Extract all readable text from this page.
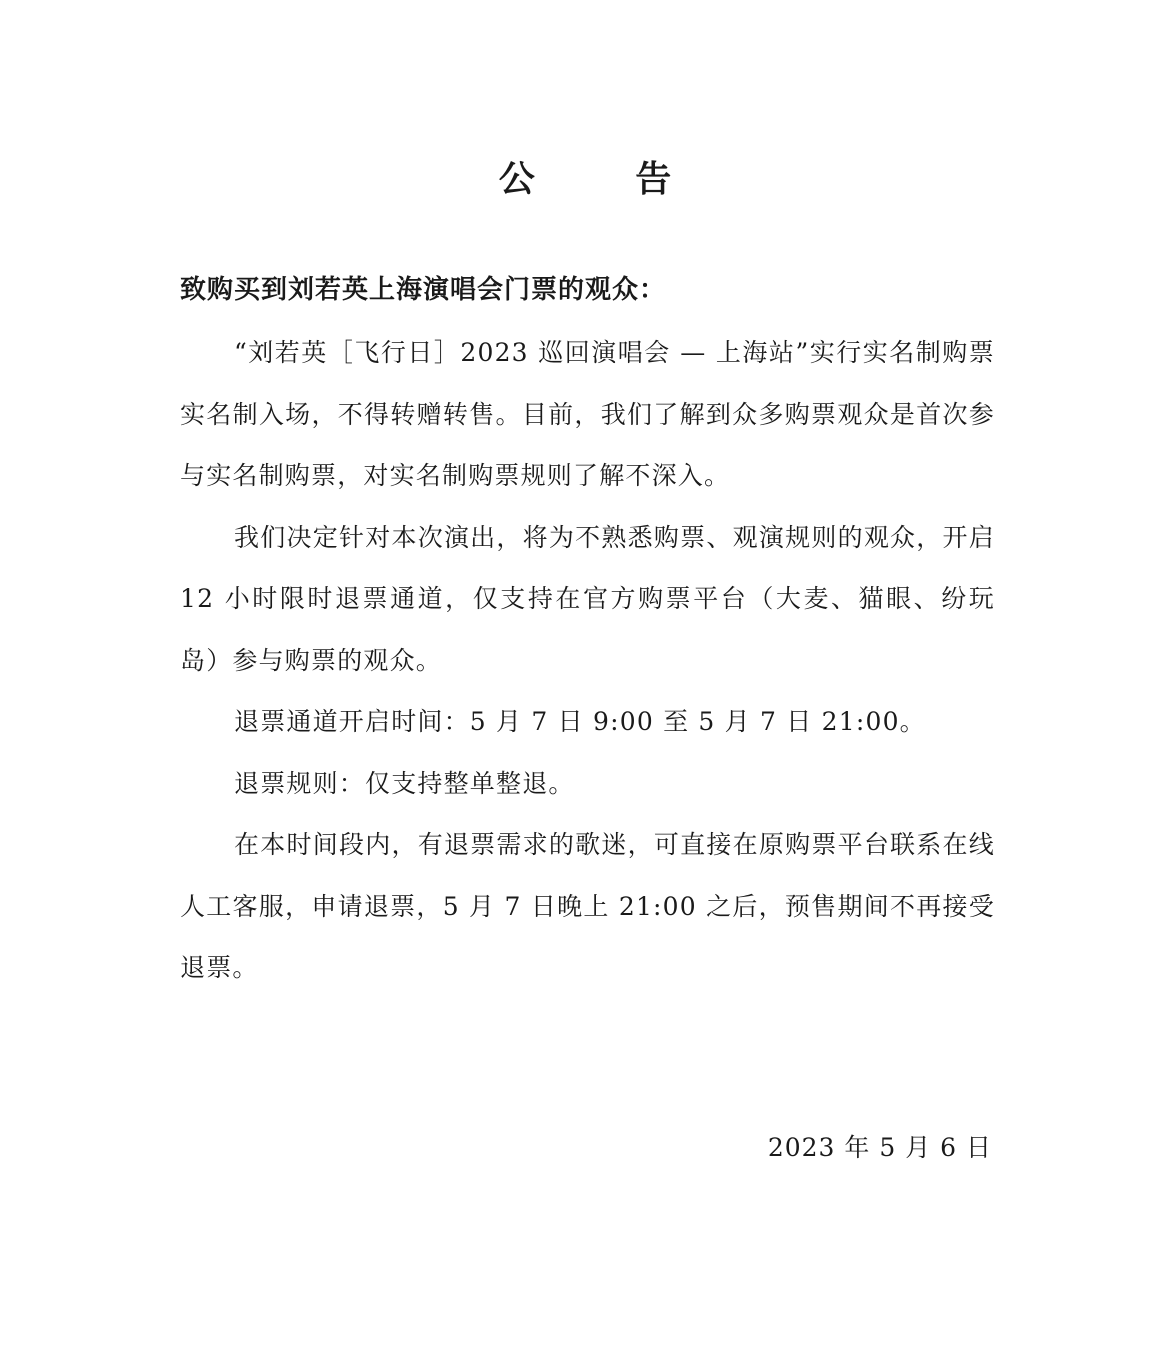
公 告
致购买到刘若英上海演唱会门票的观众：

“刘若英［飞行日］2023 巡回演唱会 — 上海站”实行实名制购票实名制入场，不得转赠转售。目前，我们了解到众多购票观众是首次参与实名制购票，对实名制购票规则了解不深入。

我们决定针对本次演出，将为不熟悉购票、观演规则的观众，开启 12 小时限时退票通道，仅支持在官方购票平台（大麦、猫眼、纷玩岛）参与购票的观众。

退票通道开启时间：5 月 7 日 9:00 至 5 月 7 日 21:00。

退票规则：仅支持整单整退。

在本时间段内，有退票需求的歌迷，可直接在原购票平台联系在线人工客服，申请退票，5 月 7 日晚上 21:00 之后，预售期间不再接受退票。

2023 年 5 月 6 日
